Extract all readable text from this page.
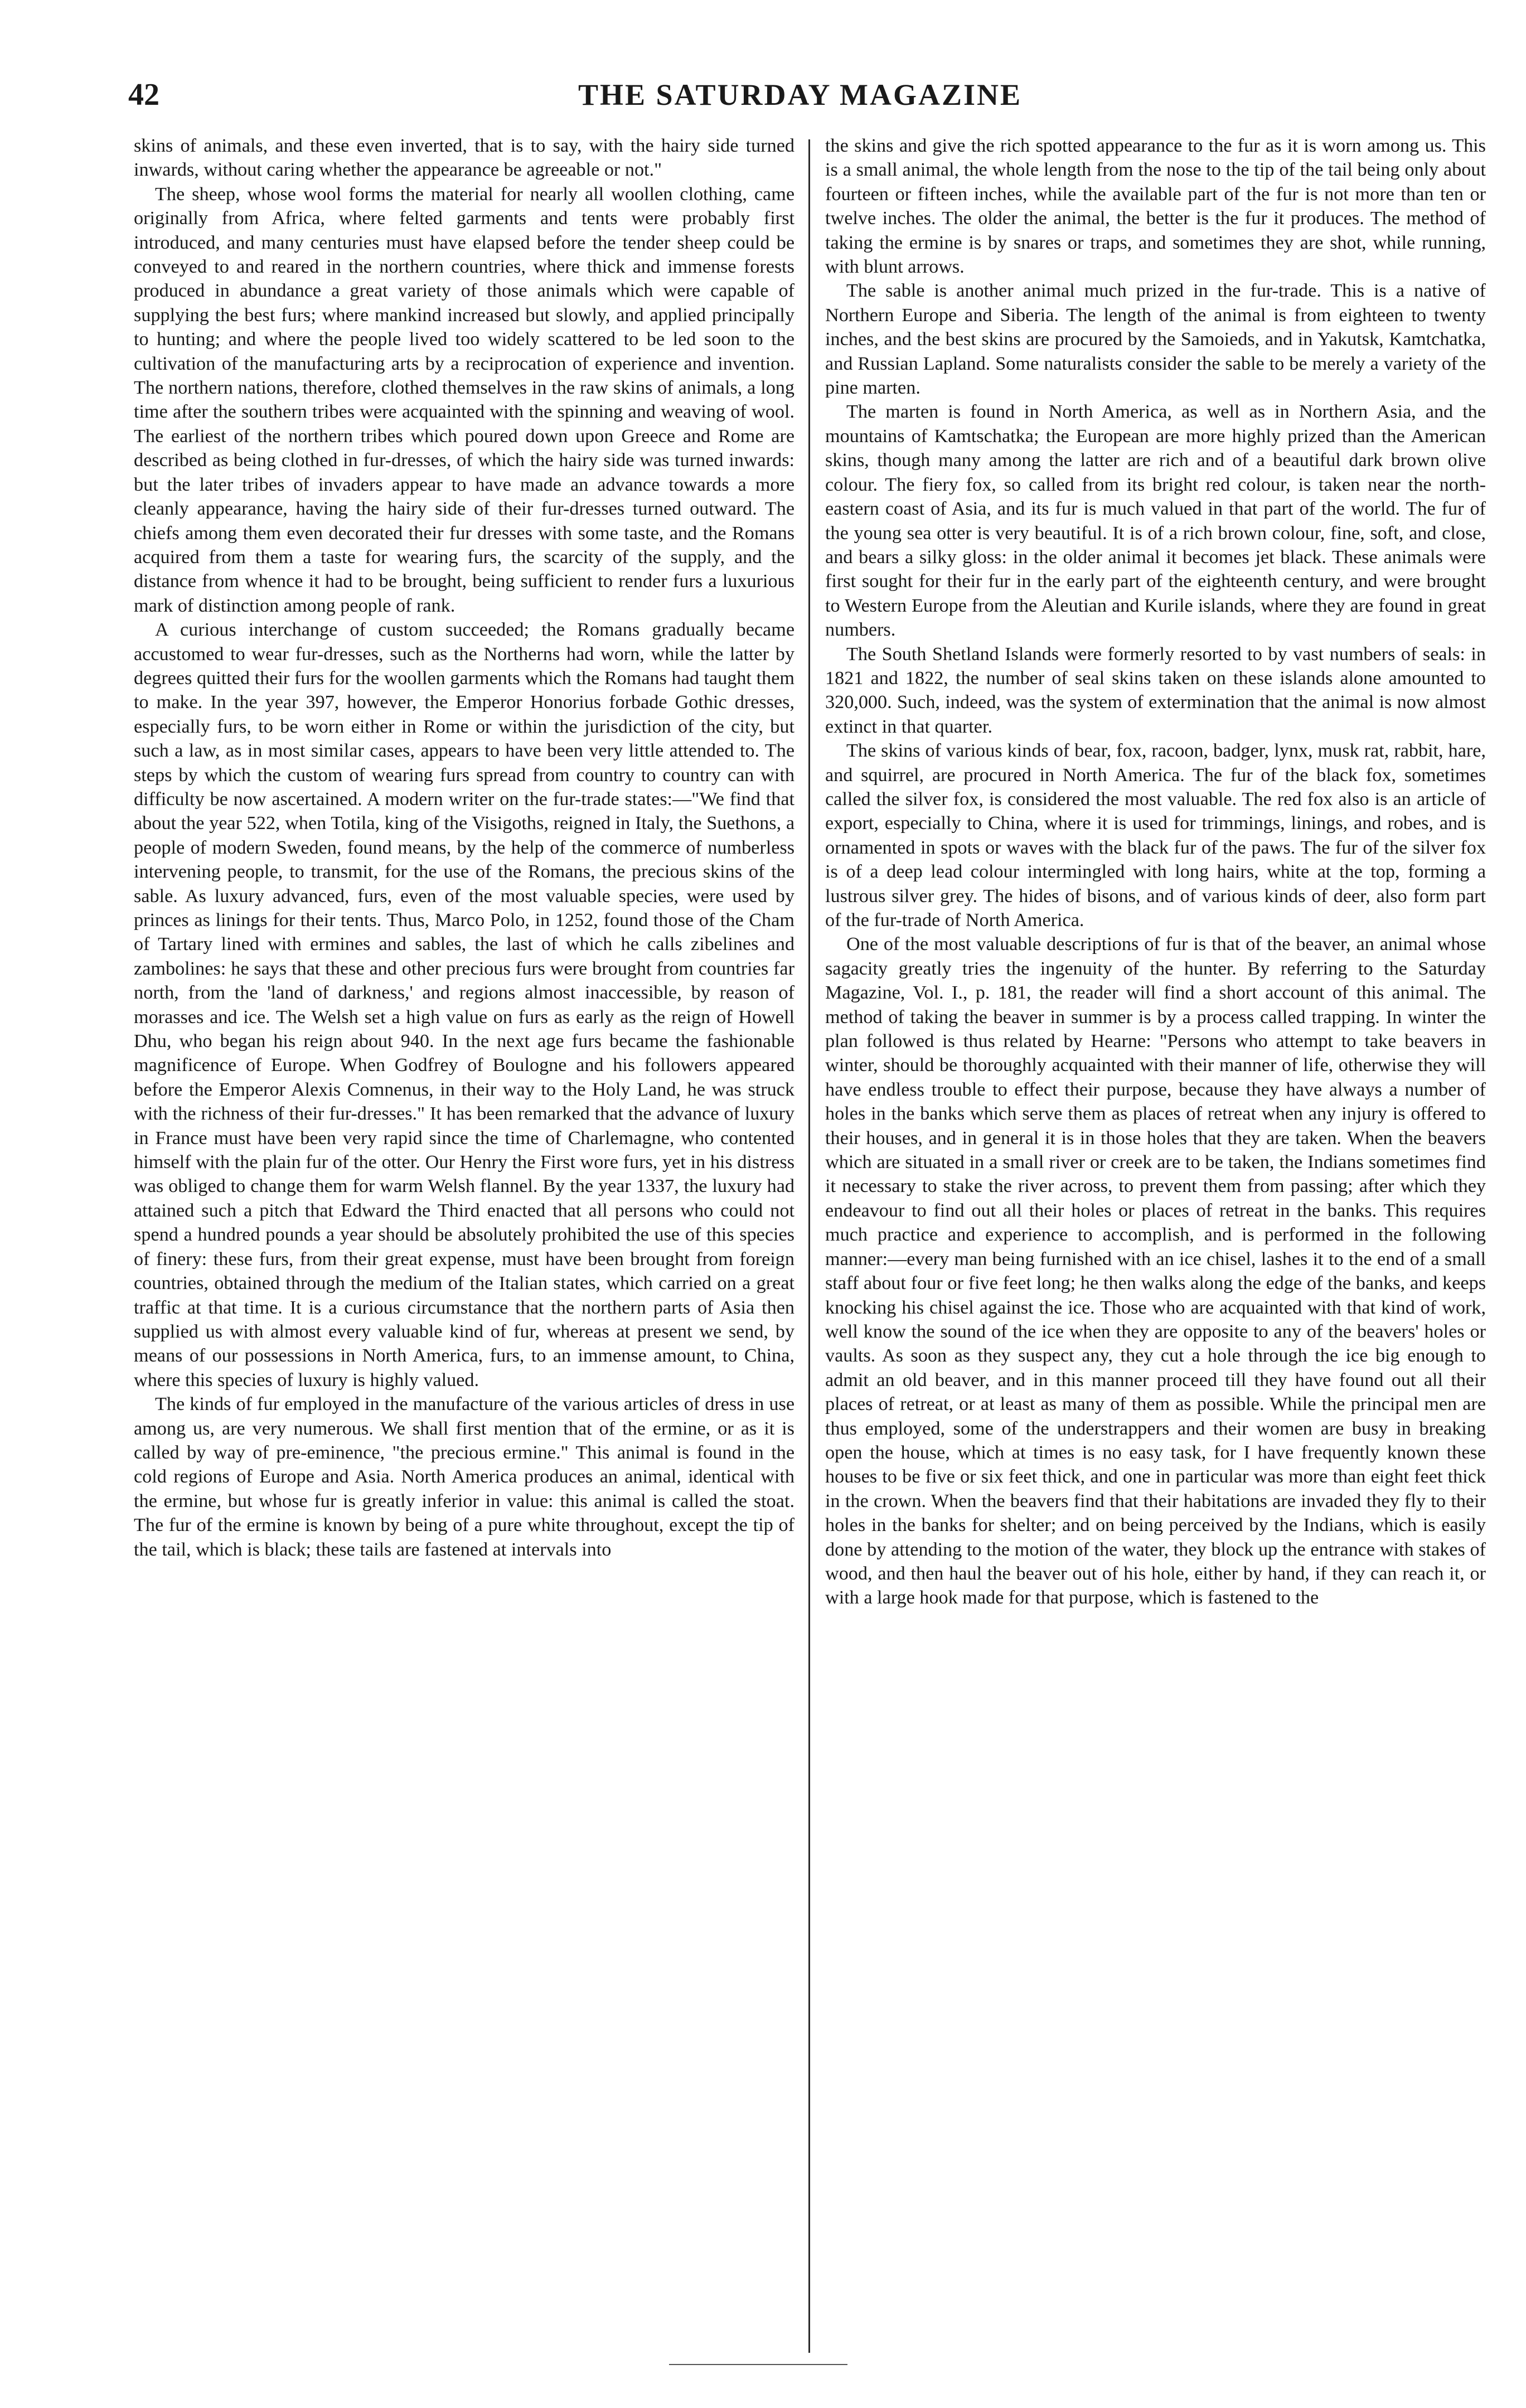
42	THE SATURDAY MAGAZINE

skins of animals, and these even inverted, that is to say, with the hairy side turned inwards, without caring whether the appearance be agreeable or not."

The sheep, whose wool forms the material for nearly all woollen clothing, came originally from Africa, where felted garments and tents were probably first introduced, and many centuries must have elapsed before the tender sheep could be conveyed to and reared in the northern countries, where thick and immense forests produced in abundance a great variety of those animals which were capable of supplying the best furs; where mankind increased but slowly, and applied principally to hunting; and where the people lived too widely scattered to be led soon to the cultivation of the manufacturing arts by a reciprocation of experience and invention. The northern nations, therefore, clothed themselves in the raw skins of animals, a long time after the southern tribes were acquainted with the spinning and weaving of wool. The earliest of the northern tribes which poured down upon Greece and Rome are described as being clothed in fur-dresses, of which the hairy side was turned inwards: but the later tribes of invaders appear to have made an advance towards a more cleanly appearance, having the hairy side of their fur-dresses turned outward. The chiefs among them even decorated their fur dresses with some taste, and the Romans acquired from them a taste for wearing furs, the scarcity of the supply, and the distance from whence it had to be brought, being sufficient to render furs a luxurious mark of distinction among people of rank.

A curious interchange of custom succeeded; the Romans gradually became accustomed to wear fur-dresses, such as the Northerns had worn, while the latter by degrees quitted their furs for the woollen garments which the Romans had taught them to make. In the year 397, however, the Emperor Honorius forbade Gothic dresses, especially furs, to be worn either in Rome or within the jurisdiction of the city, but such a law, as in most similar cases, appears to have been very little attended to. The steps by which the custom of wearing furs spread from country to country can with difficulty be now ascertained. A modern writer on the fur-trade states:—"We find that about the year 522, when Totila, king of the Visigoths, reigned in Italy, the Suethons, a people of modern Sweden, found means, by the help of the commerce of numberless intervening people, to transmit, for the use of the Romans, the precious skins of the sable. As luxury advanced, furs, even of the most valuable species, were used by princes as linings for their tents. Thus, Marco Polo, in 1252, found those of the Cham of Tartary lined with ermines and sables, the last of which he calls zibelines and zambolines: he says that these and other precious furs were brought from countries far north, from the 'land of darkness,' and regions almost inaccessible, by reason of morasses and ice. The Welsh set a high value on furs as early as the reign of Howell Dhu, who began his reign about 940. In the next age furs became the fashionable magnificence of Europe. When Godfrey of Boulogne and his followers appeared before the Emperor Alexis Comnenus, in their way to the Holy Land, he was struck with the richness of their fur-dresses." It has been remarked that the advance of luxury in France must have been very rapid since the time of Charlemagne, who contented himself with the plain fur of the otter. Our Henry the First wore furs, yet in his distress was obliged to change them for warm Welsh flannel. By the year 1337, the luxury had attained such a pitch that Edward the Third enacted that all persons who could not spend a hundred pounds a year should be absolutely prohibited the use of this species of finery: these furs, from their great expense, must have been brought from foreign countries, obtained through the medium of the Italian states, which carried on a great traffic at that time. It is a curious circumstance that the northern parts of Asia then supplied us with almost every valuable kind of fur, whereas at present we send, by means of our possessions in North America, furs, to an immense amount, to China, where this species of luxury is highly valued.

The kinds of fur employed in the manufacture of the various articles of dress in use among us, are very numerous. We shall first mention that of the ermine, or as it is called by way of pre-eminence, "the precious ermine." This animal is found in the cold regions of Europe and Asia. North America produces an animal, identical with the ermine, but whose fur is greatly inferior in value: this animal is called the stoat. The fur of the ermine is known by being of a pure white throughout, except the tip of the tail, which is black; these tails are fastened at intervals into

the skins and give the rich spotted appearance to the fur as it is worn among us. This is a small animal, the whole length from the nose to the tip of the tail being only about fourteen or fifteen inches, while the available part of the fur is not more than ten or twelve inches. The older the animal, the better is the fur it produces. The method of taking the ermine is by snares or traps, and sometimes they are shot, while running, with blunt arrows.

The sable is another animal much prized in the fur-trade. This is a native of Northern Europe and Siberia. The length of the animal is from eighteen to twenty inches, and the best skins are procured by the Samoieds, and in Yakutsk, Kamtchatka, and Russian Lapland. Some naturalists consider the sable to be merely a variety of the pine marten.

The marten is found in North America, as well as in Northern Asia, and the mountains of Kamtschatka; the European are more highly prized than the American skins, though many among the latter are rich and of a beautiful dark brown olive colour. The fiery fox, so called from its bright red colour, is taken near the north-eastern coast of Asia, and its fur is much valued in that part of the world. The fur of the young sea otter is very beautiful. It is of a rich brown colour, fine, soft, and close, and bears a silky gloss: in the older animal it becomes jet black. These animals were first sought for their fur in the early part of the eighteenth century, and were brought to Western Europe from the Aleutian and Kurile islands, where they are found in great numbers.

The South Shetland Islands were formerly resorted to by vast numbers of seals: in 1821 and 1822, the number of seal skins taken on these islands alone amounted to 320,000. Such, indeed, was the system of extermination that the animal is now almost extinct in that quarter.

The skins of various kinds of bear, fox, racoon, badger, lynx, musk rat, rabbit, hare, and squirrel, are procured in North America. The fur of the black fox, sometimes called the silver fox, is considered the most valuable. The red fox also is an article of export, especially to China, where it is used for trimmings, linings, and robes, and is ornamented in spots or waves with the black fur of the paws. The fur of the silver fox is of a deep lead colour intermingled with long hairs, white at the top, forming a lustrous silver grey. The hides of bisons, and of various kinds of deer, also form part of the fur-trade of North America.

One of the most valuable descriptions of fur is that of the beaver, an animal whose sagacity greatly tries the ingenuity of the hunter. By referring to the Saturday Magazine, Vol. I., p. 181, the reader will find a short account of this animal. The method of taking the beaver in summer is by a process called trapping. In winter the plan followed is thus related by Hearne: "Persons who attempt to take beavers in winter, should be thoroughly acquainted with their manner of life, otherwise they will have endless trouble to effect their purpose, because they have always a number of holes in the banks which serve them as places of retreat when any injury is offered to their houses, and in general it is in those holes that they are taken. When the beavers which are situated in a small river or creek are to be taken, the Indians sometimes find it necessary to stake the river across, to prevent them from passing; after which they endeavour to find out all their holes or places of retreat in the banks. This requires much practice and experience to accomplish, and is performed in the following manner:—every man being furnished with an ice chisel, lashes it to the end of a small staff about four or five feet long; he then walks along the edge of the banks, and keeps knocking his chisel against the ice. Those who are acquainted with that kind of work, well know the sound of the ice when they are opposite to any of the beavers' holes or vaults. As soon as they suspect any, they cut a hole through the ice big enough to admit an old beaver, and in this manner proceed till they have found out all their places of retreat, or at least as many of them as possible. While the principal men are thus employed, some of the understrappers and their women are busy in breaking open the house, which at times is no easy task, for I have frequently known these houses to be five or six feet thick, and one in particular was more than eight feet thick in the crown. When the beavers find that their habitations are invaded they fly to their holes in the banks for shelter; and on being perceived by the Indians, which is easily done by attending to the motion of the water, they block up the entrance with stakes of wood, and then haul the beaver out of his hole, either by hand, if they can reach it, or with a large hook made for that purpose, which is fastened to the
